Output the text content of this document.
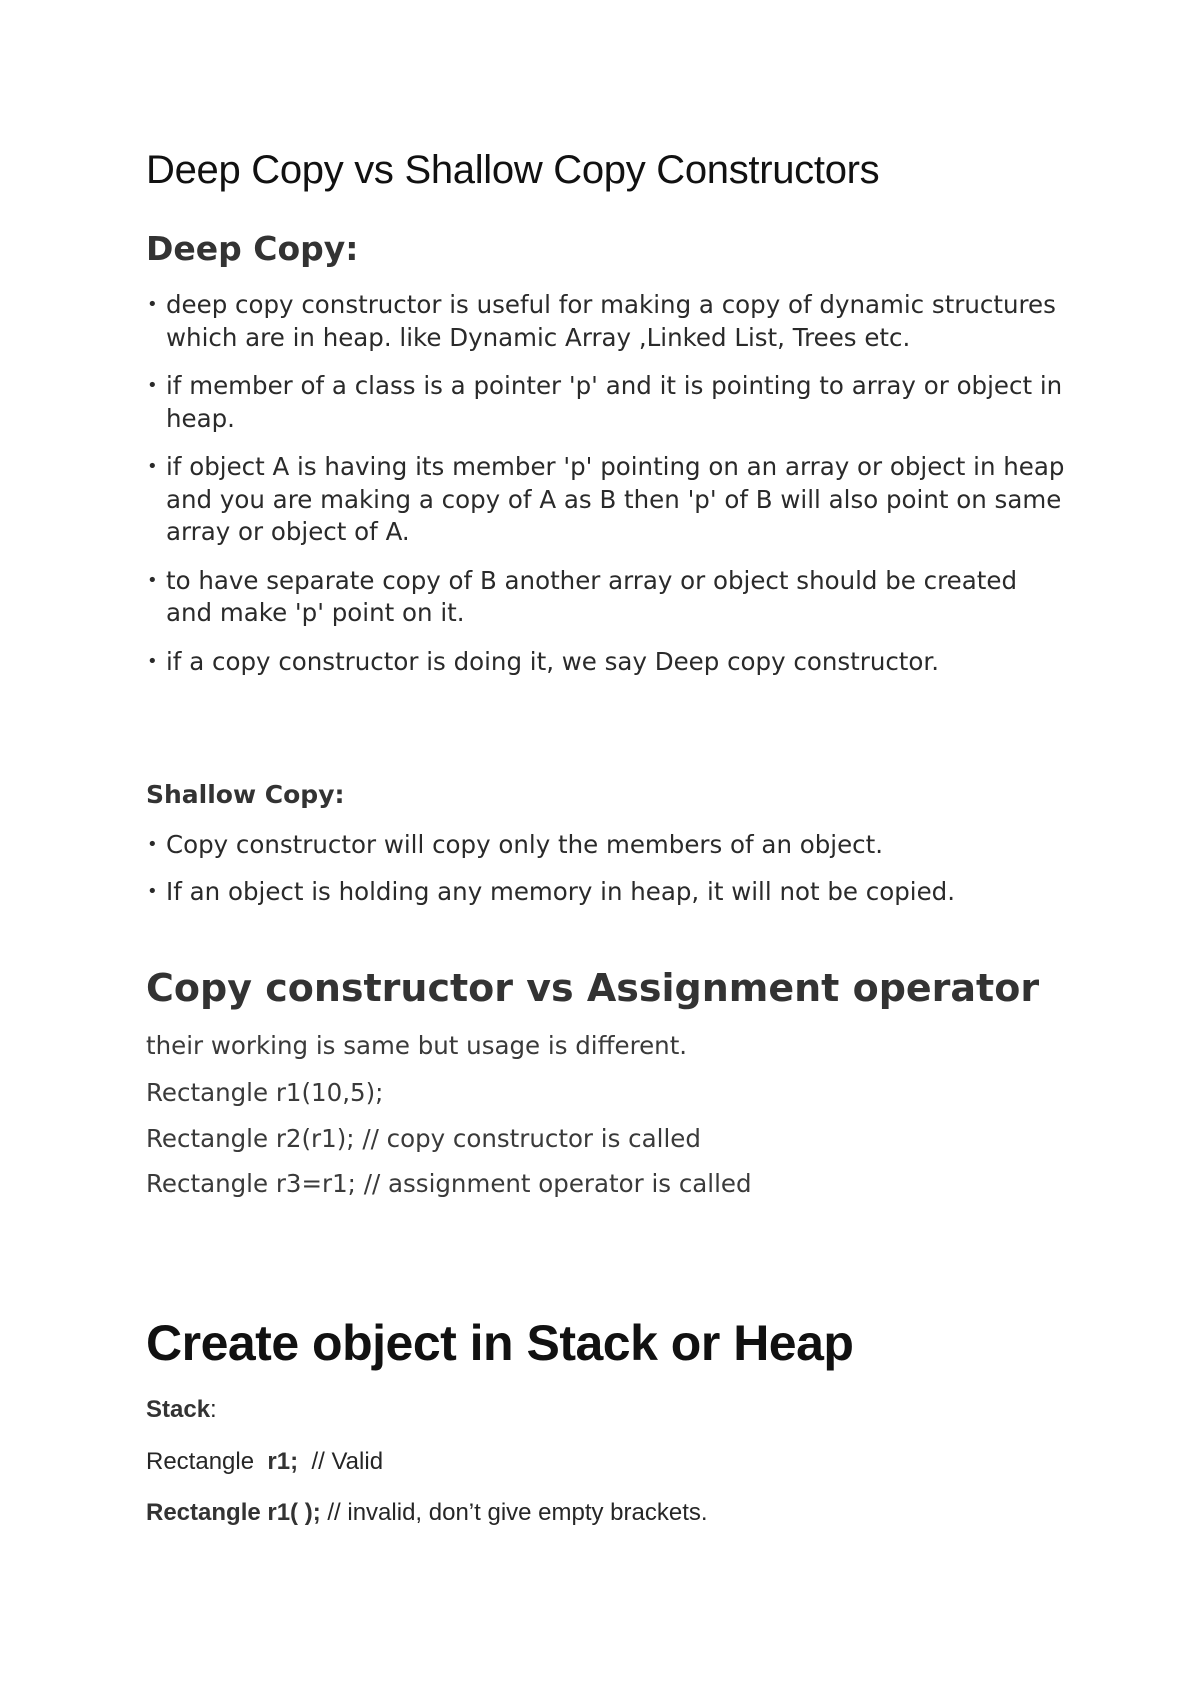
Deep Copy vs Shallow Copy Constructors
Deep Copy:
• deep copy constructor is useful for making a copy of dynamic structures which are in heap. like Dynamic Array ,Linked List, Trees etc.
• if member of a class is a pointer 'p' and it is pointing to array or object in heap.
• if object A is having its member 'p' pointing on an array or object in heap and you are making a copy of A as B then 'p' of B will also point on same array or object of A.
• to have separate copy of B another array or object should be created and make 'p' point on it.
• if a copy constructor is doing it, we say Deep copy constructor.
Shallow Copy:
• Copy constructor will copy only the members of an object.
• If an object is holding any memory in heap, it will not be copied.
Copy constructor vs Assignment operator
their working is same but usage is different.
Rectangle r1(10,5);
Rectangle r2(r1); // copy constructor is called
Rectangle r3=r1; // assignment operator is called
Create object in Stack or Heap
Stack:
Rectangle r1; // Valid
Rectangle r1( ); // invalid, don’t give empty brackets.
